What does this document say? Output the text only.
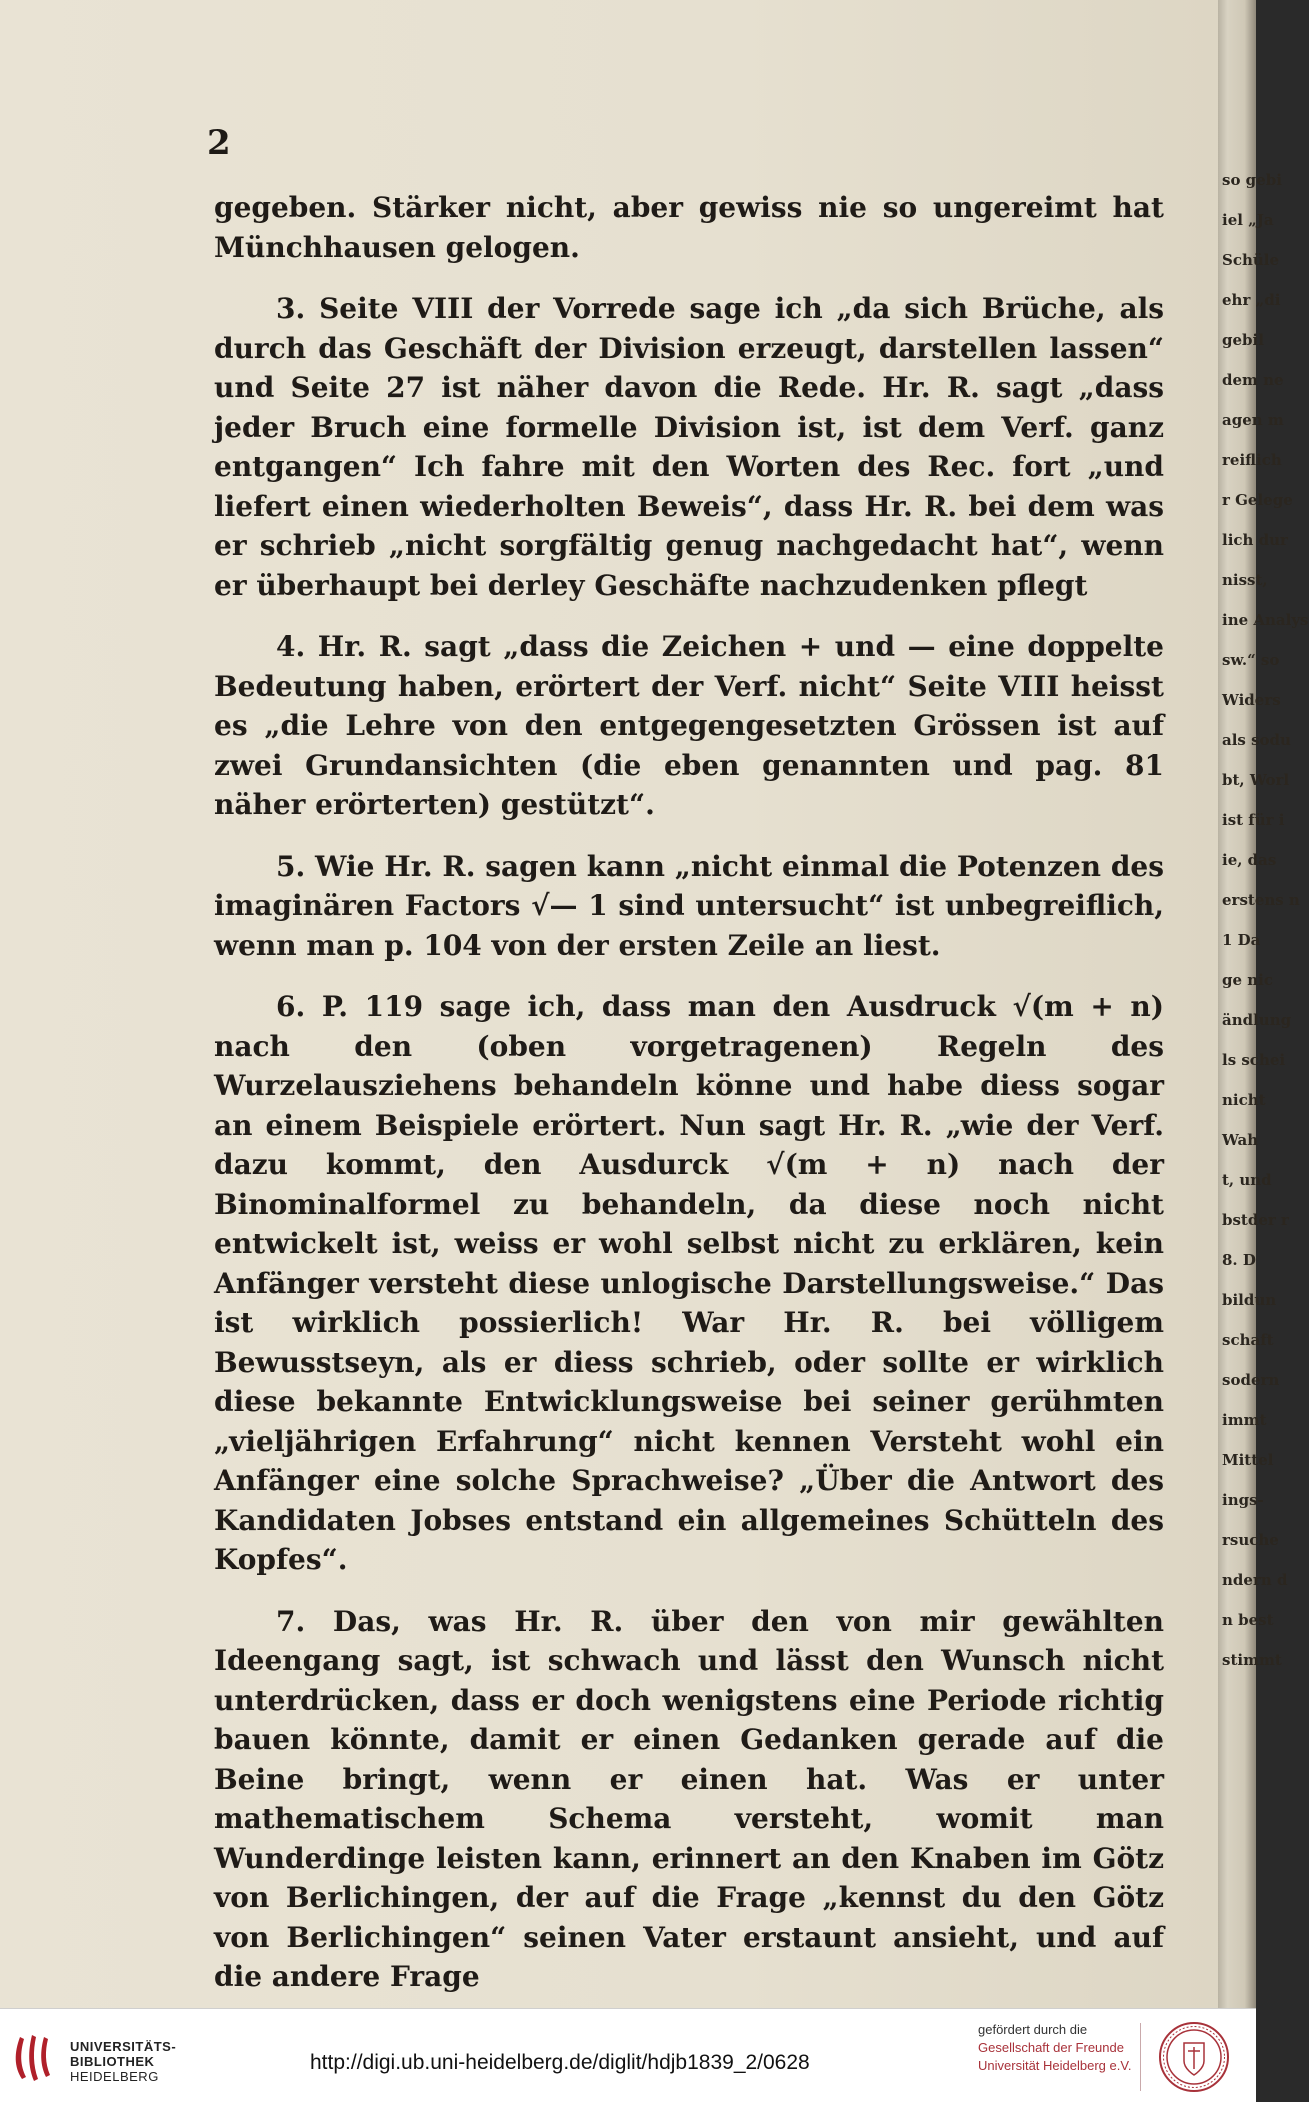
2

gegeben. Stärker nicht, aber gewiss nie so ungereimt hat Münchhausen gelogen.

3. Seite VIII der Vorrede sage ich „da sich Brüche, als durch das Geschäft der Division erzeugt, darstellen lassen“ und Seite 27 ist näher davon die Rede. Hr. R. sagt „dass jeder Bruch eine formelle Division ist, ist dem Verf. ganz entgangen“ Ich fahre mit den Worten des Rec. fort „und liefert einen wiederholten Beweis“, dass Hr. R. bei dem was er schrieb „nicht sorgfältig genug nachgedacht hat“, wenn er überhaupt bei derley Geschäfte nachzudenken pflegt

4. Hr. R. sagt „dass die Zeichen + und — eine doppelte Bedeutung haben, erörtert der Verf. nicht“ Seite VIII heisst es „die Lehre von den entgegengesetzten Grössen ist auf zwei Grundansichten (die eben genannten und pag. 81 näher erörterten) gestützt“.

5. Wie Hr. R. sagen kann „nicht einmal die Potenzen des imaginären Factors √— 1 sind untersucht“ ist unbegreiflich, wenn man p. 104 von der ersten Zeile an liest.

6. P. 119 sage ich, dass man den Ausdruck √(m + n) nach den (oben vorgetragenen) Regeln des Wurzelausziehens behandeln könne und habe diess sogar an einem Beispiele erörtert. Nun sagt Hr. R. „wie der Verf. dazu kommt, den Ausdurck √(m + n) nach der Binominalformel zu behandeln, da diese noch nicht entwickelt ist, weiss er wohl selbst nicht zu erklären, kein Anfänger versteht diese unlogische Darstellungsweise.“ Das ist wirklich possierlich! War Hr. R. bei völligem Bewusstseyn, als er diess schrieb, oder sollte er wirklich diese bekannte Entwicklungsweise bei seiner gerühmten „vieljährigen Erfahrung“ nicht kennen Versteht wohl ein Anfänger eine solche Sprachweise? „Über die Antwort des Kandidaten Jobses entstand ein allgemeines Schütteln des Kopfes“.

7. Das, was Hr. R. über den von mir gewählten Ideengang sagt, ist schwach und lässt den Wunsch nicht unterdrücken, dass er doch wenigstens eine Periode richtig bauen könnte, damit er einen Gedanken gerade auf die Beine bringt, wenn er einen hat. Was er unter mathematischem Schema versteht, womit man Wunderdinge leisten kann, erinnert an den Knaben im Götz von Berlichingen, der auf die Frage „kennst du den Götz von Berlichingen“ seinen Vater erstaunt ansieht, und auf die andere Frage

so gebi
iel „Ja
Schüle
ehr „di
gebil
dem ne
agen m
reiflich
r Gelege
lich dur
nisst,
ine Analys
sw.“ so
Widers
als sodu
bt, Worl
ist für i
ie, das
erstens n
1 Da
ge nic
ändlung
ls schei
nicht
Wah
t, und
bstder r
8. D
bildun
schaft
sodern
immt
Mittel
ings-
rsuche
ndern d
n best
stimmt
UNIVERSITÄTS-
BIBLIOTHEK
HEIDELBERG
http://digi.ub.uni-heidelberg.de/diglit/hdjb1839_2/0628
gefördert durch die
Gesellschaft der Freunde
Universität Heidelberg e.V.
